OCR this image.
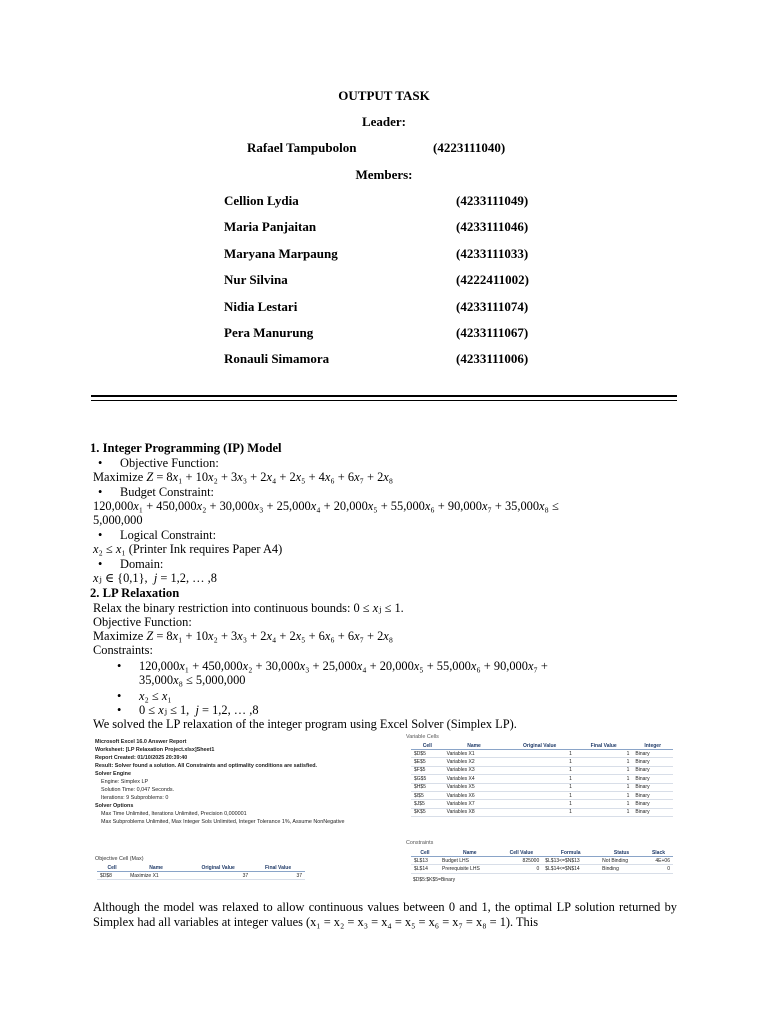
OUTPUT TASK
Leader:
Rafael Tampubolon	(4223111040)
Members:
Cellion Lydia	(4233111049)
Maria Panjaitan	(4233111046)
Maryana Marpaung	(4233111033)
Nur Silvina	(4222411002)
Nidia Lestari	(4233111074)
Pera Manurung	(4233111067)
Ronauli Simamora	(4233111006)
1. Integer Programming (IP) Model
• Objective Function:
Maximize Z = 8x₁ + 10x₂ + 3x₃ + 2x₄ + 2x₅ + 4x₆ + 6x₇ + 2x₈
• Budget Constraint:
120,000x₁ + 450,000x₂ + 30,000x₃ + 25,000x₄ + 20,000x₅ + 55,000x₆ + 90,000x₇ + 35,000x₈ ≤
5,000,000
• Logical Constraint:
x₂ ≤ x₁ (Printer Ink requires Paper A4)
• Domain:
xⱼ ∈ {0,1}, j = 1,2, … ,8
2. LP Relaxation
Relax the binary restriction into continuous bounds: 0 ≤ xⱼ ≤ 1.
Objective Function:
Maximize Z = 8x₁ + 10x₂ + 3x₃ + 2x₄ + 2x₅ + 6x₆ + 6x₇ + 2x₈
Constraints:
• 120,000x₁ + 450,000x₂ + 30,000x₃ + 25,000x₄ + 20,000x₅ + 55,000x₆ + 90,000x₇ +
35,000x₈ ≤ 5,000,000
• x₂ ≤ x₁
• 0 ≤ xⱼ ≤ 1,  j = 1,2, … ,8
We solved the LP relaxation of the integer program using Excel Solver (Simplex LP).
Microsoft Excel 16.0 Answer Report
Worksheet: [LP Relaxation Project.xlsx]Sheet1
Report Created: 01/10/2025 20:39:40
Result: Solver found a solution. All Constraints and optimality conditions are satisfied.
Solver Engine
Engine: Simplex LP
Solution Time: 0,047 Seconds.
Iterations: 9 Subproblems: 0
Solver Options
Max Time Unlimited, Iterations Unlimited, Precision 0,000001
Max Subproblems Unlimited, Max Integer Sols Unlimited, Integer Tolerance 1%, Assume NonNegative
Objective Cell (Max)
Cell	Name	Original Value	Final Value
$D$8	Maximize X1	37	37
Variable Cells
Cell	Name	Original Value	Final Value	Integer
$D$5	Variables X1	1	1	Binary
$E$5	Variables X2	1	1	Binary
$F$5	Variables X3	1	1	Binary
$G$5	Variables X4	1	1	Binary
$H$5	Variables X5	1	1	Binary
$I$5	Variables X6	1	1	Binary
$J$5	Variables X7	1	1	Binary
$K$5	Variables X8	1	1	Binary
Constraints
Cell	Name	Cell Value	Formula	Status	Slack
$L$13	Budget LHS	825000	$L$13<=$N$13	Not Binding	4E+06
$L$14	Prerequisite LHS	0	$L$14<=$N$14	Binding	0
$D$5:$K$5=Binary
Although the model was relaxed to allow continuous values between 0 and 1, the optimal LP solution returned by Simplex had all variables at integer values (x₁ = x₂ = x₃ = x₄ = x₅ = x₆ = x₇ = x₈ = 1). This
